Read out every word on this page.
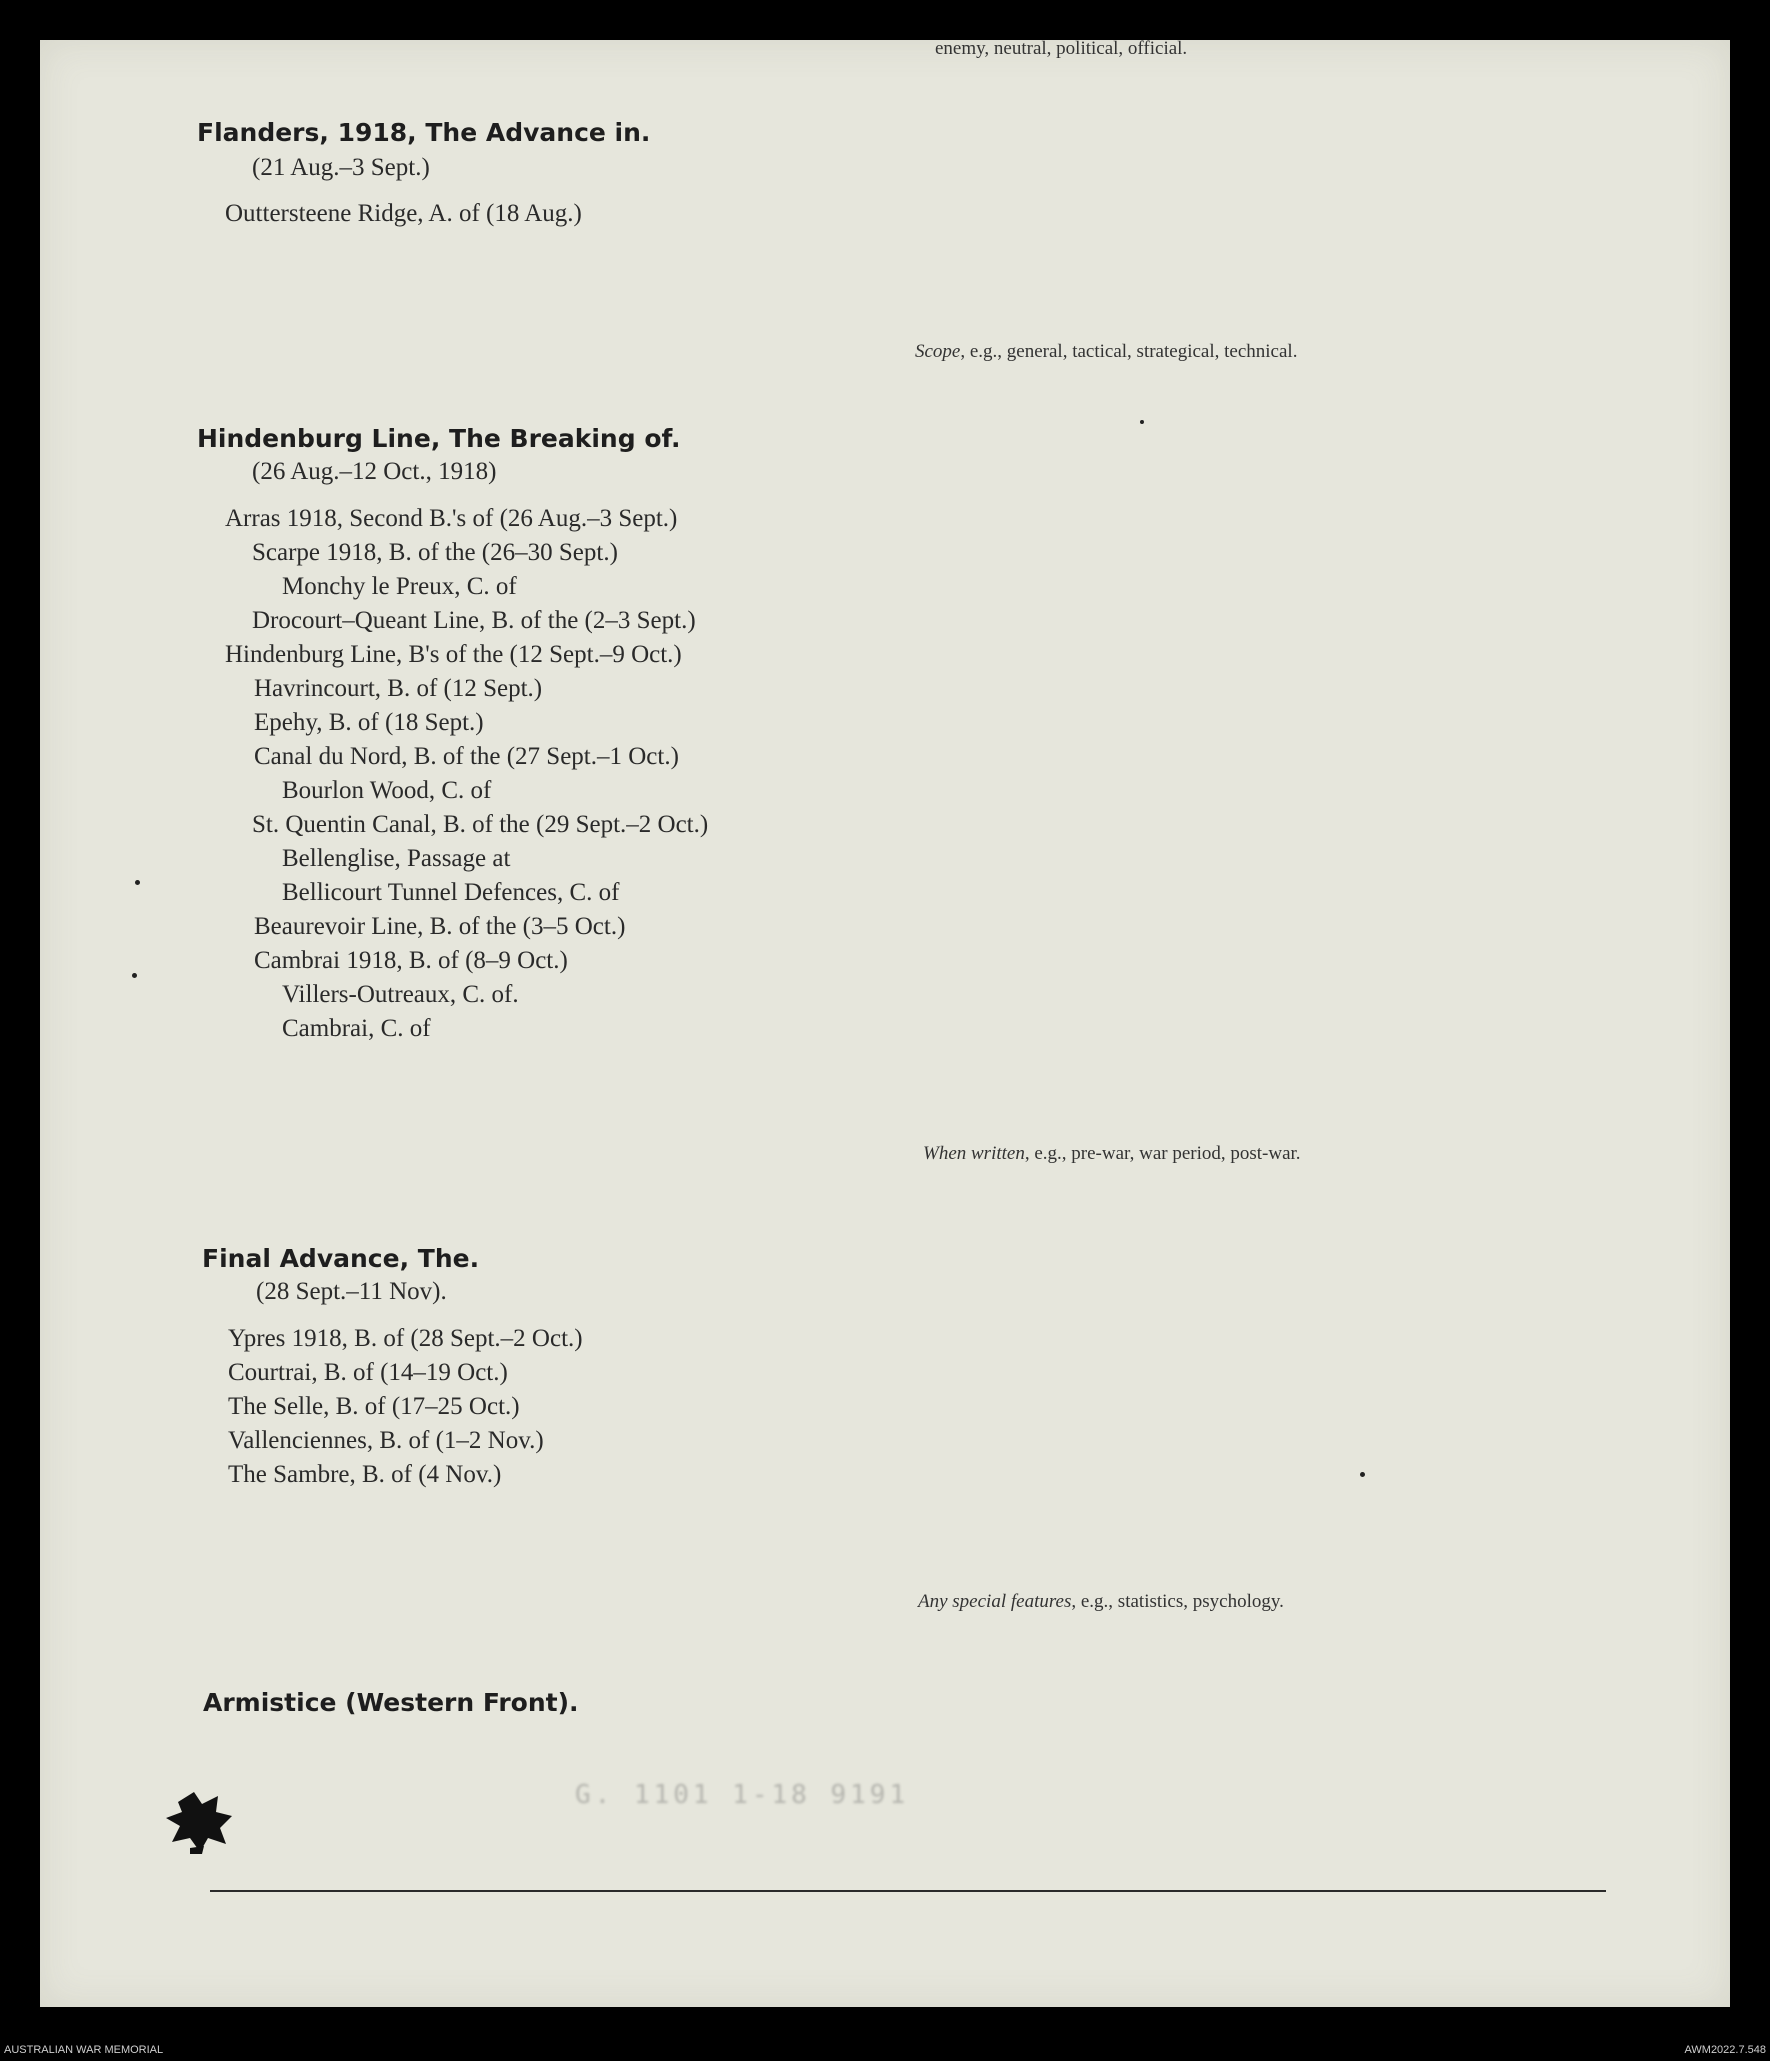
enemy, neutral, political, official.
Flanders, 1918, The Advance in.
(21 Aug.–3 Sept.)
Outtersteene Ridge, A. of (18 Aug.)
Scope, e.g., general, tactical, strategical, technical.
Hindenburg Line, The Breaking of.
(26 Aug.–12 Oct., 1918)
Arras 1918, Second B.'s of (26 Aug.–3 Sept.)
Scarpe 1918, B. of the (26–30 Sept.)
Monchy le Preux, C. of
Drocourt–Queant Line, B. of the (2–3 Sept.)
Hindenburg Line, B's of the (12 Sept.–9 Oct.)
Havrincourt, B. of (12 Sept.)
Epehy, B. of (18 Sept.)
Canal du Nord, B. of the (27 Sept.–1 Oct.)
Bourlon Wood, C. of
St. Quentin Canal, B. of the (29 Sept.–2 Oct.)
Bellenglise, Passage at
Bellicourt Tunnel Defences, C. of
Beaurevoir Line, B. of the (3–5 Oct.)
Cambrai 1918, B. of (8–9 Oct.)
Villers-Outreaux, C. of.
Cambrai, C. of
When written, e.g., pre-war, war period, post-war.
Final Advance, The.
(28 Sept.–11 Nov).
Ypres 1918, B. of (28 Sept.–2 Oct.)
Courtrai, B. of (14–19 Oct.)
The Selle, B. of (17–25 Oct.)
Vallenciennes, B. of (1–2 Nov.)
The Sambre, B. of (4 Nov.)
Any special features, e.g., statistics, psychology.
Armistice (Western Front).
G. 1101 1-18 9191
AUSTRALIAN WAR MEMORIAL	AWM2022.7.548
